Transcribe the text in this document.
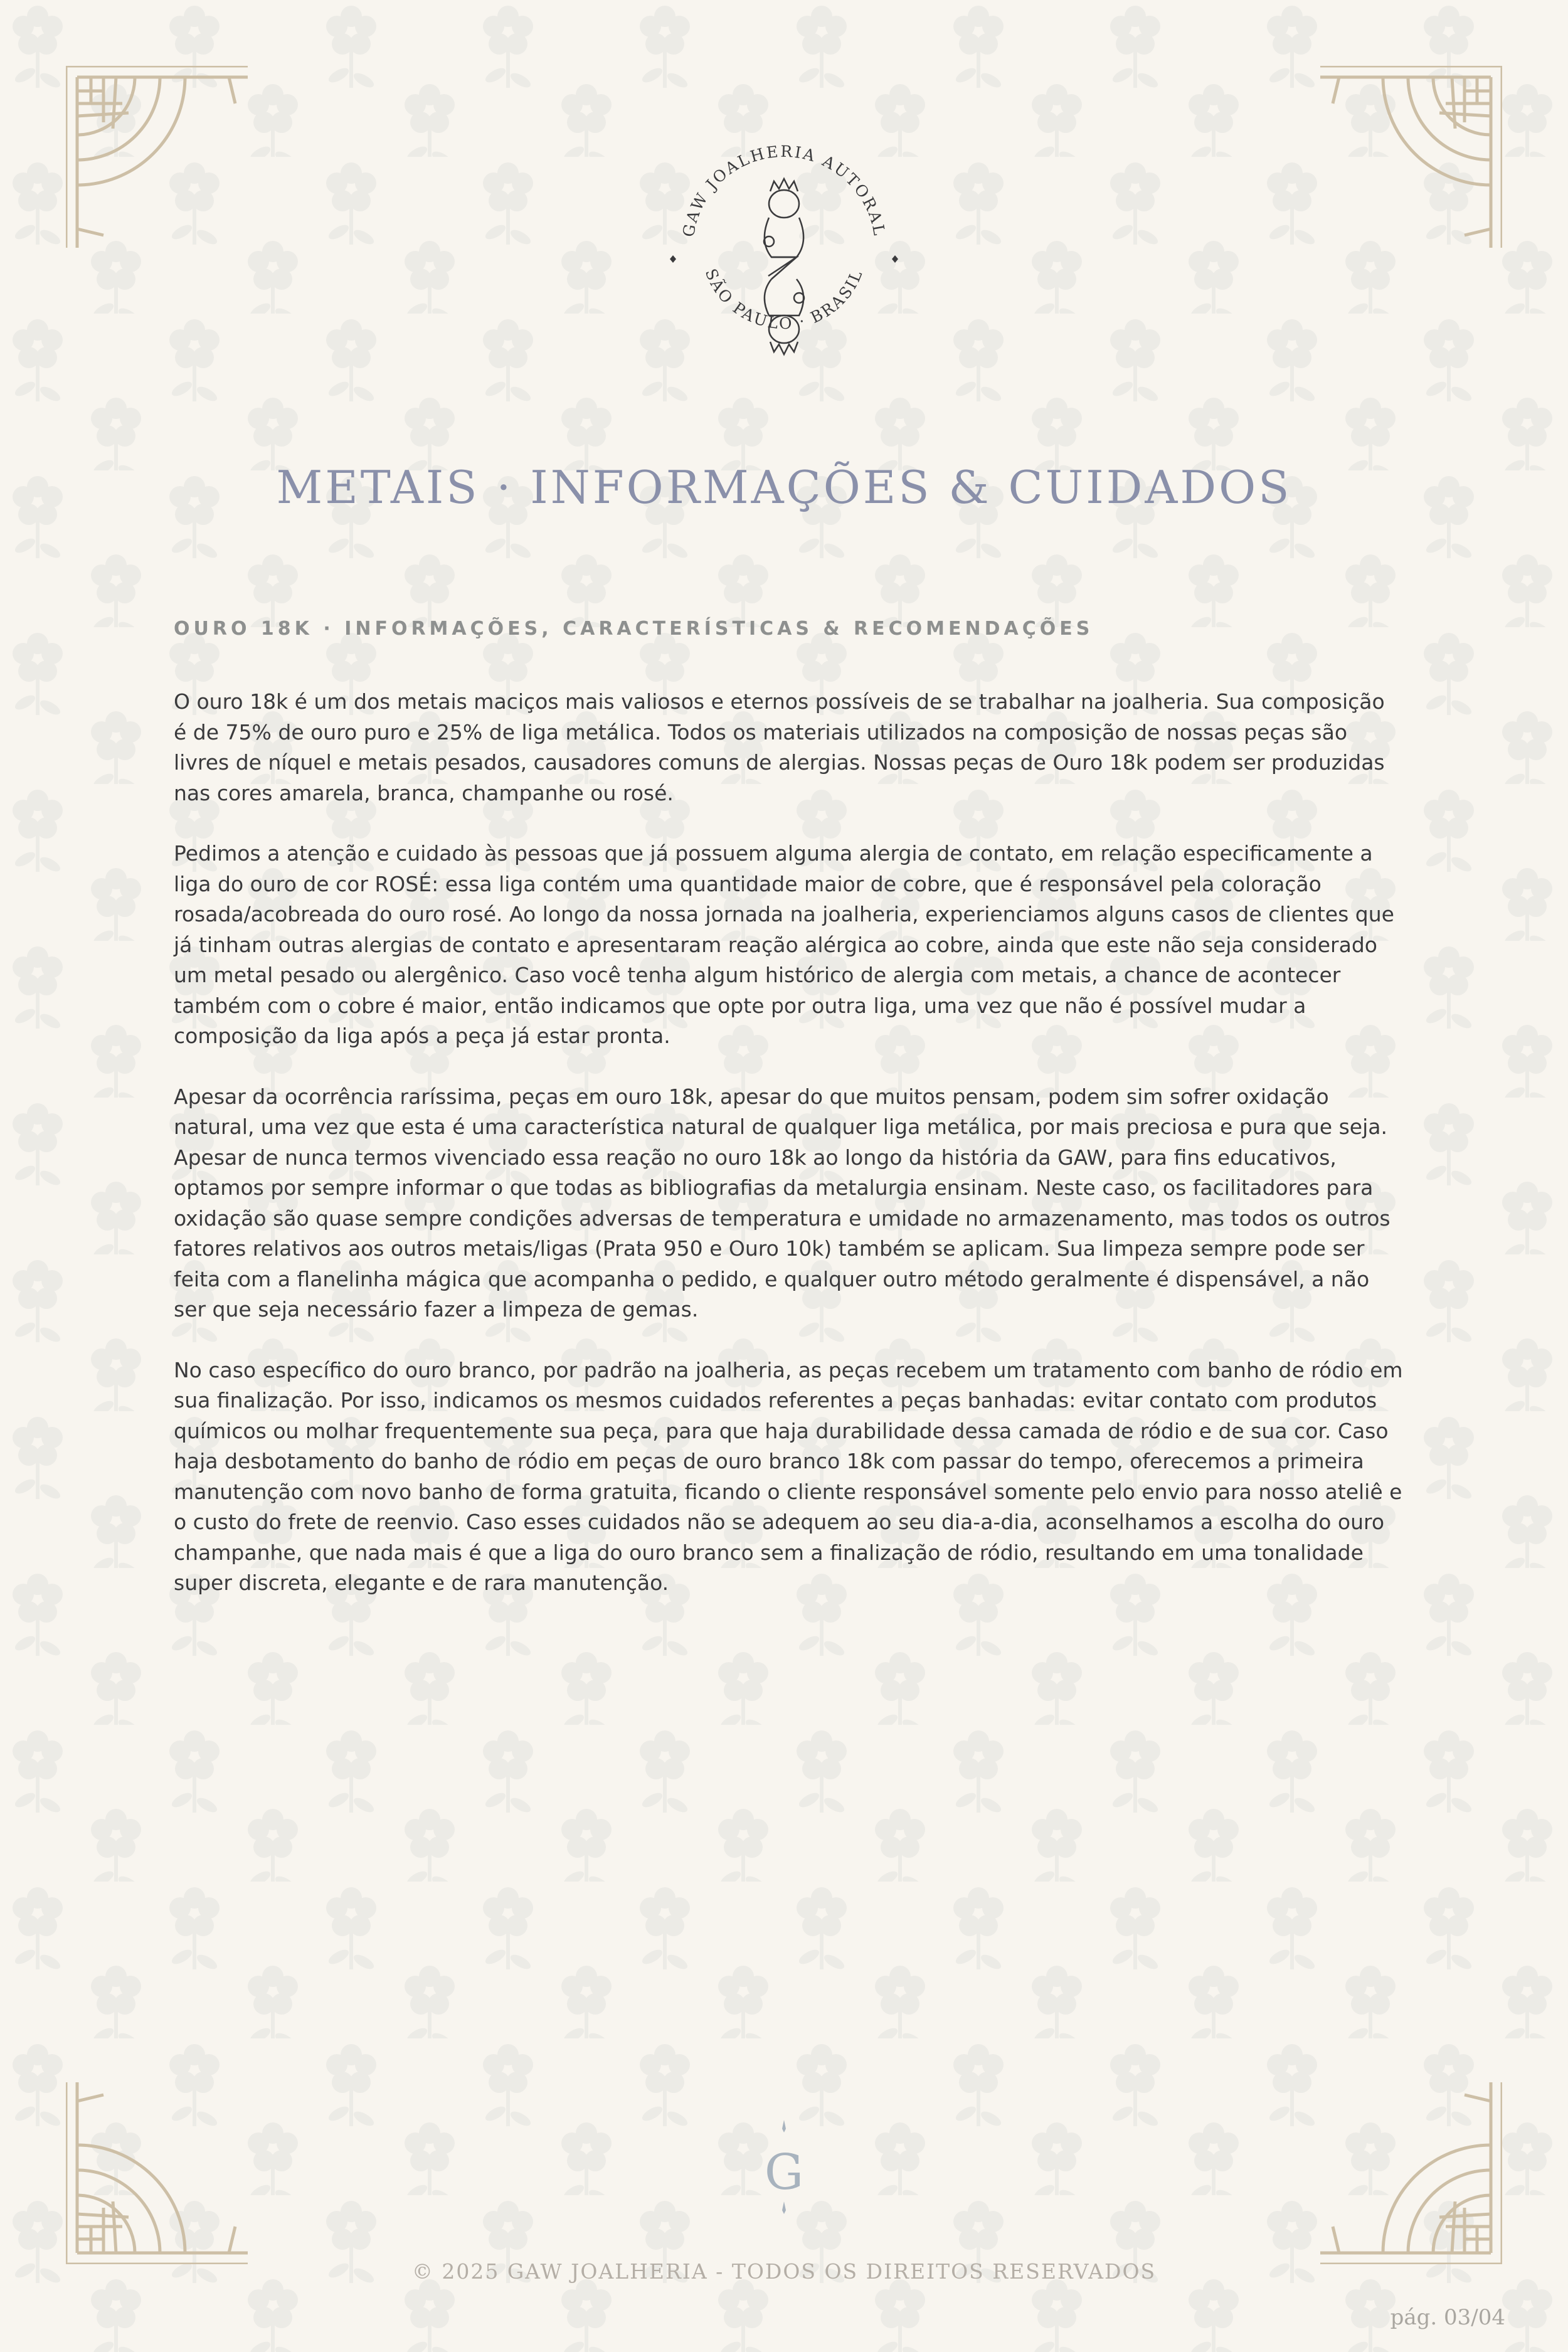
GAW JOALHERIA AUTORAL
SÃO PAULO · BRASIL
METAIS · INFORMAÇÕES & CUIDADOS
OURO 18K · INFORMAÇÕES, CARACTERÍSTICAS & RECOMENDAÇÕES

O ouro 18k é um dos metais maciços mais valiosos e eternos possíveis de se trabalhar na joalheria. Sua composição é de 75% de ouro puro e 25% de liga metálica. Todos os materiais utilizados na composição de nossas peças são livres de níquel e metais pesados, causadores comuns de alergias. Nossas peças de Ouro 18k podem ser produzidas nas cores amarela, branca, champanhe ou rosé.

Pedimos a atenção e cuidado às pessoas que já possuem alguma alergia de contato, em relação especificamente a liga do ouro de cor ROSÉ: essa liga contém uma quantidade maior de cobre, que é responsável pela coloração rosada/acobreada do ouro rosé. Ao longo da nossa jornada na joalheria, experienciamos alguns casos de clientes que já tinham outras alergias de contato e apresentaram reação alérgica ao cobre, ainda que este não seja considerado um metal pesado ou alergênico. Caso você tenha algum histórico de alergia com metais, a chance de acontecer também com o cobre é maior, então indicamos que opte por outra liga, uma vez que não é possível mudar a composição da liga após a peça já estar pronta.

Apesar da ocorrência raríssima, peças em ouro 18k, apesar do que muitos pensam, podem sim sofrer oxidação natural, uma vez que esta é uma característica natural de qualquer liga metálica, por mais preciosa e pura que seja. Apesar de nunca termos vivenciado essa reação no ouro 18k ao longo da história da GAW, para fins educativos, optamos por sempre informar o que todas as bibliografias da metalurgia ensinam. Neste caso, os facilitadores para oxidação são quase sempre condições adversas de temperatura e umidade no armazenamento, mas todos os outros fatores relativos aos outros metais/ligas (Prata 950 e Ouro 10k) também se aplicam. Sua limpeza sempre pode ser feita com a flanelinha mágica que acompanha o pedido, e qualquer outro método geralmente é dispensável, a não ser que seja necessário fazer a limpeza de gemas.

No caso específico do ouro branco, por padrão na joalheria, as peças recebem um tratamento com banho de ródio em sua finalização. Por isso, indicamos os mesmos cuidados referentes a peças banhadas: evitar contato com produtos químicos ou molhar frequentemente sua peça, para que haja durabilidade dessa camada de ródio e de sua cor. Caso haja desbotamento do banho de ródio em peças de ouro branco 18k com passar do tempo, oferecemos a primeira manutenção com novo banho de forma gratuita, ficando o cliente responsável somente pelo envio para nosso ateliê e o custo do frete de reenvio. Caso esses cuidados não se adequem ao seu dia-a-dia, aconselhamos a escolha do ouro champanhe, que nada mais é que a liga do ouro branco sem a finalização de ródio, resultando em uma tonalidade super discreta, elegante e de rara manutenção.

G
© 2025 GAW JOALHERIA - TODOS OS DIREITOS RESERVADOS
pág. 03/04
